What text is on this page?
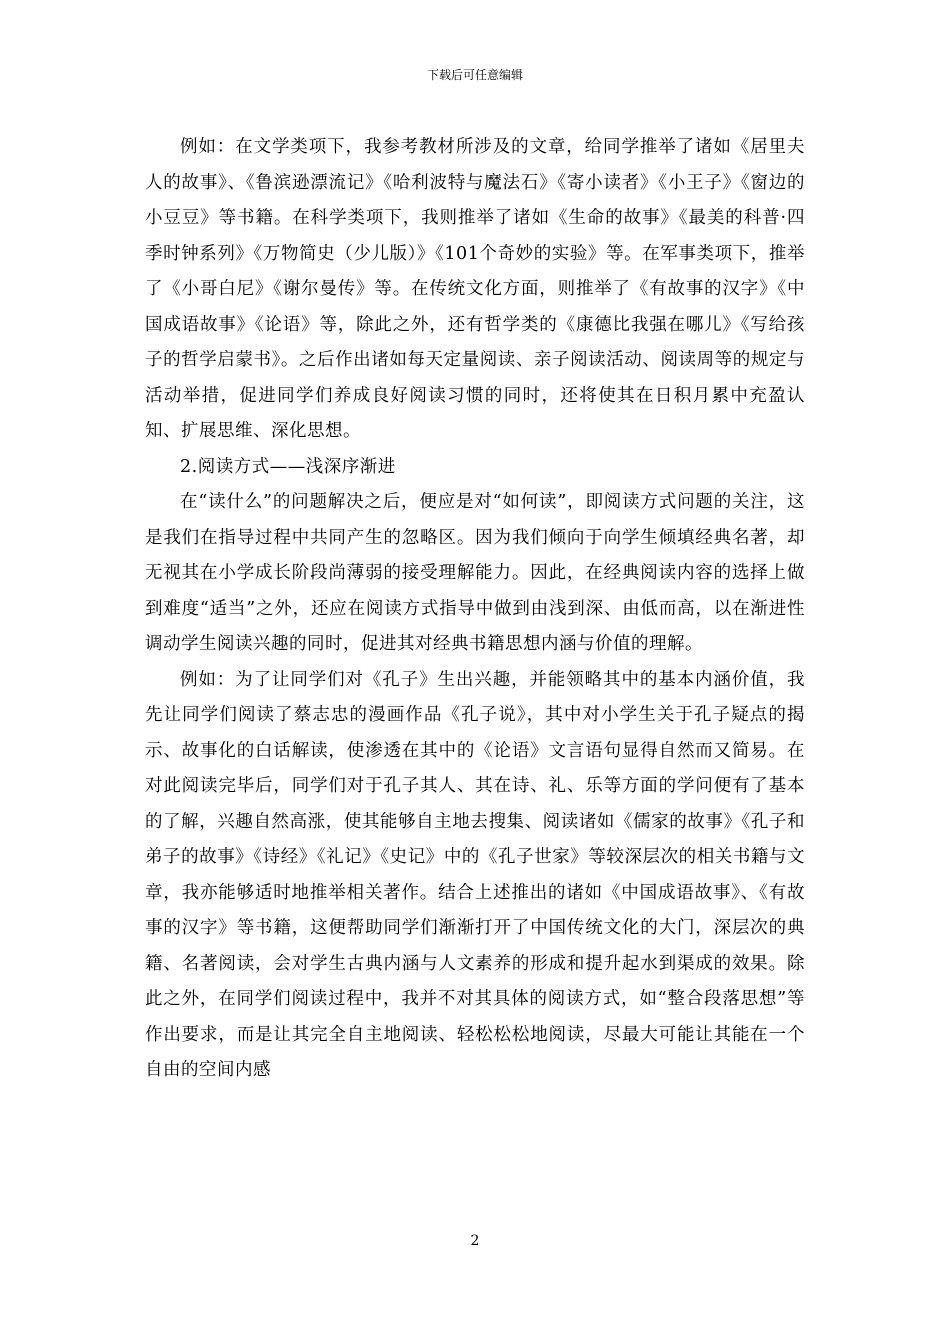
下载后可任意编辑

例如：在文学类项下，我参考教材所涉及的文章，给同学推举了诸如《居里夫人的故事》、《鲁滨逊漂流记》《哈利波特与魔法石》《寄小读者》《小王子》《窗边的小豆豆》等书籍。在科学类项下，我则推举了诸如《生命的故事》《最美的科普·四季时钟系列》《万物简史（少儿版）》《101个奇妙的实验》等。在军事类项下，推举了《小哥白尼》《谢尔曼传》等。在传统文化方面，则推举了《有故事的汉字》《中国成语故事》《论语》等，除此之外，还有哲学类的《康德比我强在哪儿》《写给孩子的哲学启蒙书》。之后作出诸如每天定量阅读、亲子阅读活动、阅读周等的规定与活动举措，促进同学们养成良好阅读习惯的同时，还将使其在日积月累中充盈认知、扩展思维、深化思想。

2.阅读方式——浅深序渐进

在“读什么”的问题解决之后，便应是对“如何读”，即阅读方式问题的关注，这是我们在指导过程中共同产生的忽略区。因为我们倾向于向学生倾填经典名著，却无视其在小学成长阶段尚薄弱的接受理解能力。因此，在经典阅读内容的选择上做到难度“适当”之外，还应在阅读方式指导中做到由浅到深、由低而高，以在渐进性调动学生阅读兴趣的同时，促进其对经典书籍思想内涵与价值的理解。

例如：为了让同学们对《孔子》生出兴趣，并能领略其中的基本内涵价值，我先让同学们阅读了蔡志忠的漫画作品《孔子说》，其中对小学生关于孔子疑点的揭示、故事化的白话解读，使渗透在其中的《论语》文言语句显得自然而又简易。在对此阅读完毕后，同学们对于孔子其人、其在诗、礼、乐等方面的学问便有了基本的了解，兴趣自然高涨，使其能够自主地去搜集、阅读诸如《儒家的故事》《孔子和弟子的故事》《诗经》《礼记》《史记》中的《孔子世家》等较深层次的相关书籍与文章，我亦能够适时地推举相关著作。结合上述推出的诸如《中国成语故事》、《有故事的汉字》等书籍，这便帮助同学们渐渐打开了中国传统文化的大门，深层次的典籍、名著阅读，会对学生古典内涵与人文素养的形成和提升起水到渠成的效果。除此之外，在同学们阅读过程中，我并不对其具体的阅读方式，如“整合段落思想”等作出要求，而是让其完全自主地阅读、轻松松松地阅读，尽最大可能让其能在一个自由的空间内感

2
